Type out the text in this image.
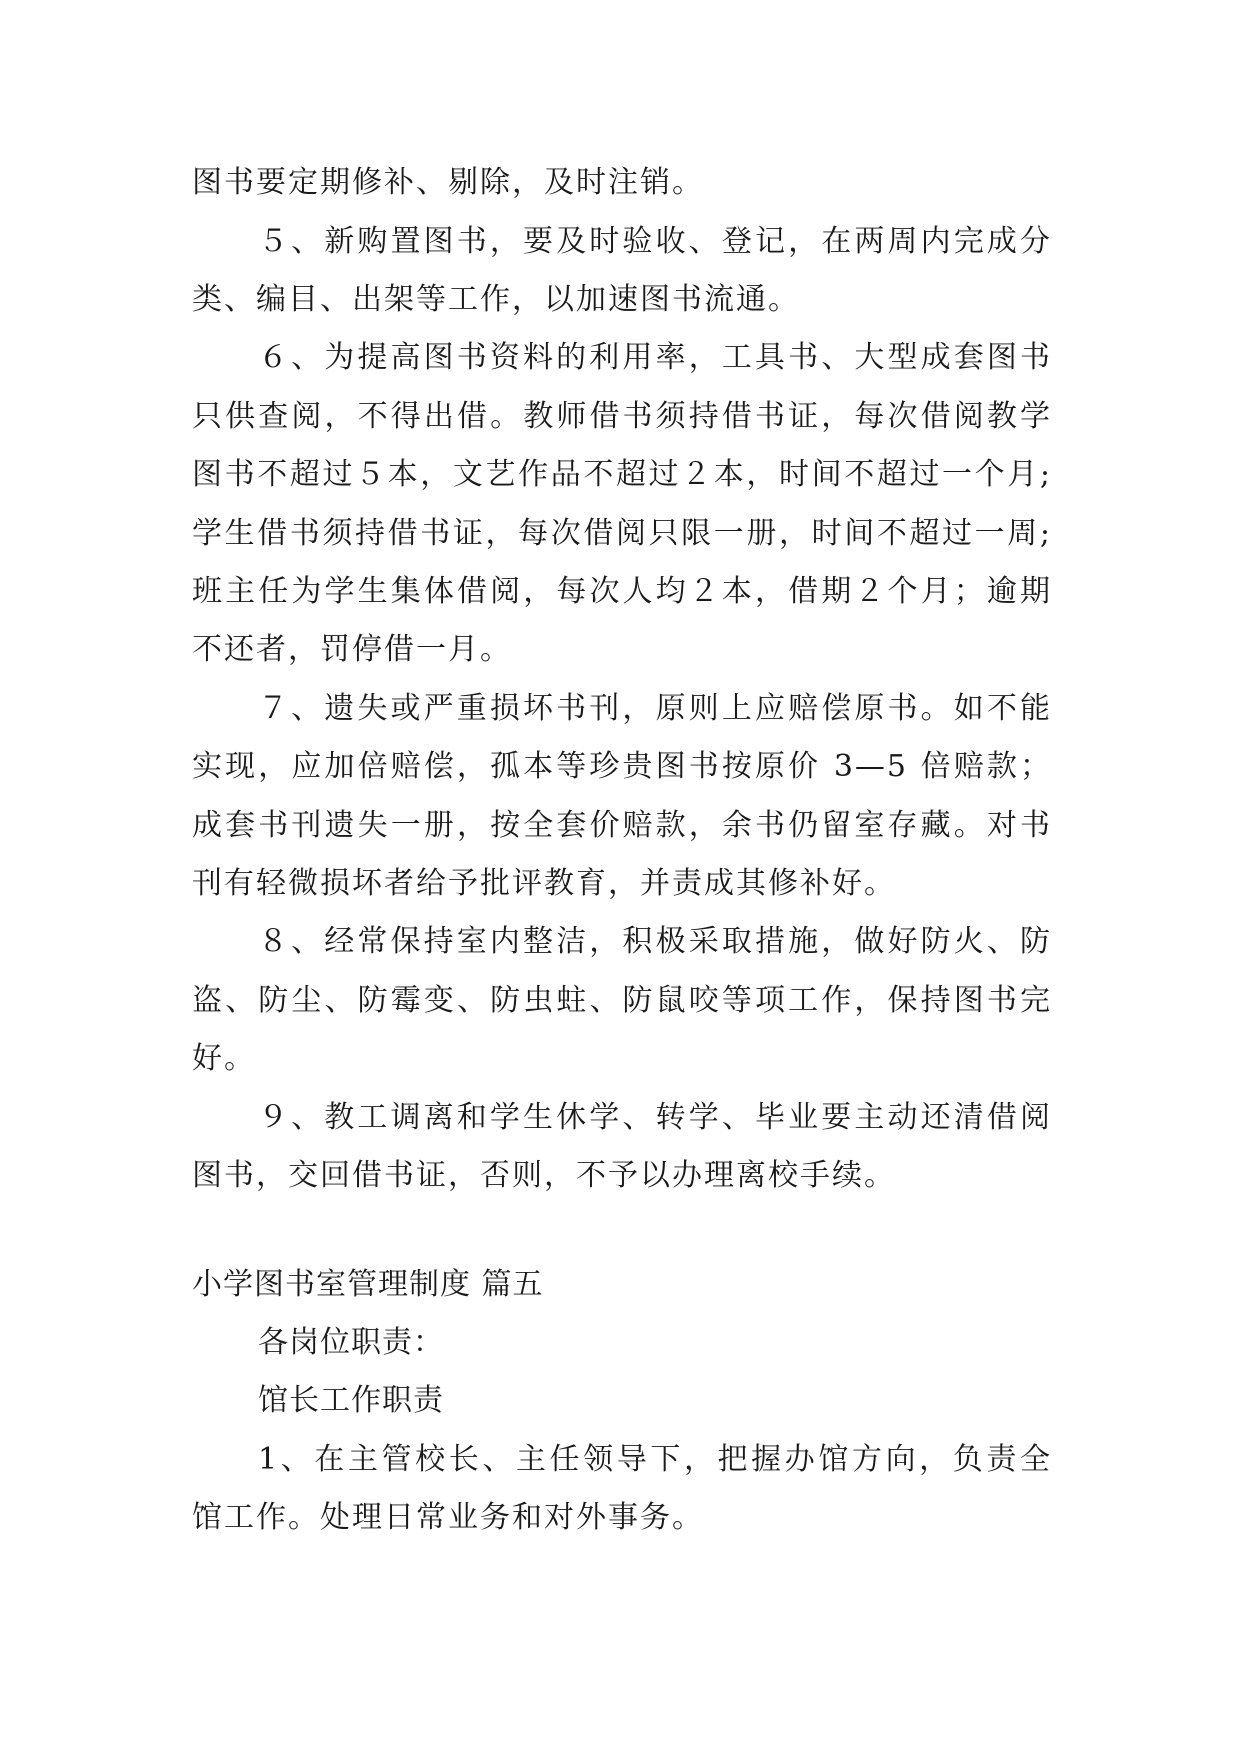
图书要定期修补、剔除，及时注销。
５、新购置图书，要及时验收、登记，在两周内完成分
类、编目、出架等工作，以加速图书流通。
６、为提高图书资料的利用率，工具书、大型成套图书
只供查阅，不得出借。教师借书须持借书证，每次借阅教学
图书不超过５本，文艺作品不超过２本，时间不超过一个月;
学生借书须持借书证，每次借阅只限一册，时间不超过一周;
班主任为学生集体借阅，每次人均２本，借期２个月；逾期
不还者，罚停借一月。
７、遗失或严重损坏书刊，原则上应赔偿原书。如不能
实现，应加倍赔偿，孤本等珍贵图书按原价 3—5 倍赔款；
成套书刊遗失一册，按全套价赔款，余书仍留室存藏。对书
刊有轻微损坏者给予批评教育，并责成其修补好。
８、经常保持室内整洁，积极采取措施，做好防火、防
盗、防尘、防霉变、防虫蛀、防鼠咬等项工作，保持图书完
好。
９、教工调离和学生休学、转学、毕业要主动还清借阅
图书，交回借书证，否则，不予以办理离校手续。
小学图书室管理制度 篇五
各岗位职责：
馆长工作职责
1、在主管校长、主任领导下，把握办馆方向，负责全
馆工作。处理日常业务和对外事务。
